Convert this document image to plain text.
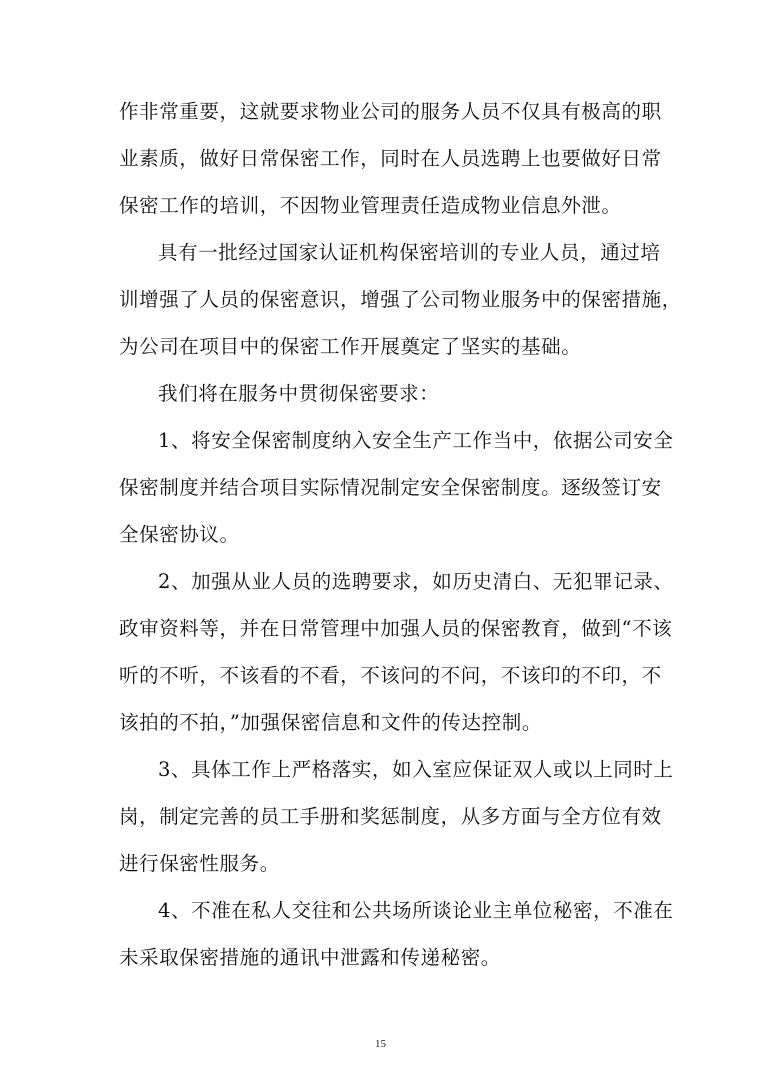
作非常重要，这就要求物业公司的服务人员不仅具有极高的职
业素质，做好日常保密工作，同时在人员选聘上也要做好日常
保密工作的培训，不因物业管理责任造成物业信息外泄。
具有一批经过国家认证机构保密培训的专业人员，通过培
训增强了人员的保密意识，增强了公司物业服务中的保密措施，
为公司在项目中的保密工作开展奠定了坚实的基础。
我们将在服务中贯彻保密要求：
1、将安全保密制度纳入安全生产工作当中，依据公司安全
保密制度并结合项目实际情况制定安全保密制度。逐级签订安
全保密协议。
2、加强从业人员的选聘要求，如历史清白、无犯罪记录、
政审资料等，并在日常管理中加强人员的保密教育，做到“不该
听的不听，不该看的不看，不该问的不问，不该印的不印，不
该拍的不拍，”加强保密信息和文件的传达控制。
3、具体工作上严格落实，如入室应保证双人或以上同时上
岗，制定完善的员工手册和奖惩制度，从多方面与全方位有效
进行保密性服务。
4、不准在私人交往和公共场所谈论业主单位秘密，不准在
未采取保密措施的通讯中泄露和传递秘密。
15
